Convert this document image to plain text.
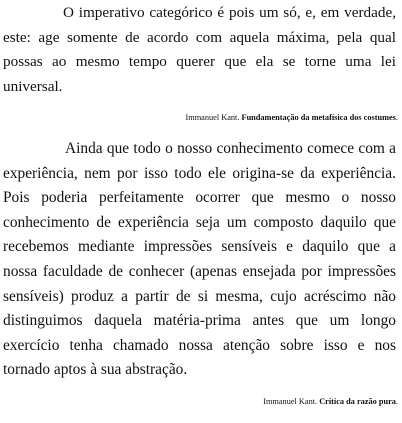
O imperativo categórico é pois um só, e, em verdade, este: age somente de acordo com aquela máxima, pela qual possas ao mesmo tempo querer que ela se torne uma lei universal.

Immanuel Kant. Fundamentação da metafísica dos costumes.

Ainda que todo o nosso conhecimento comece com a experiência, nem por isso todo ele origina-se da experiência. Pois poderia perfeitamente ocorrer que mesmo o nosso conhecimento de experiência seja um composto daquilo que recebemos mediante impressões sensíveis e daquilo que a nossa faculdade de conhecer (apenas ensejada por impressões sensíveis) produz a partir de si mesma, cujo acréscimo não distinguimos daquela matéria-prima antes que um longo exercício tenha chamado nossa atenção sobre isso e nos tornado aptos à sua abstração.

Immanuel Kant. Crítica da razão pura.
